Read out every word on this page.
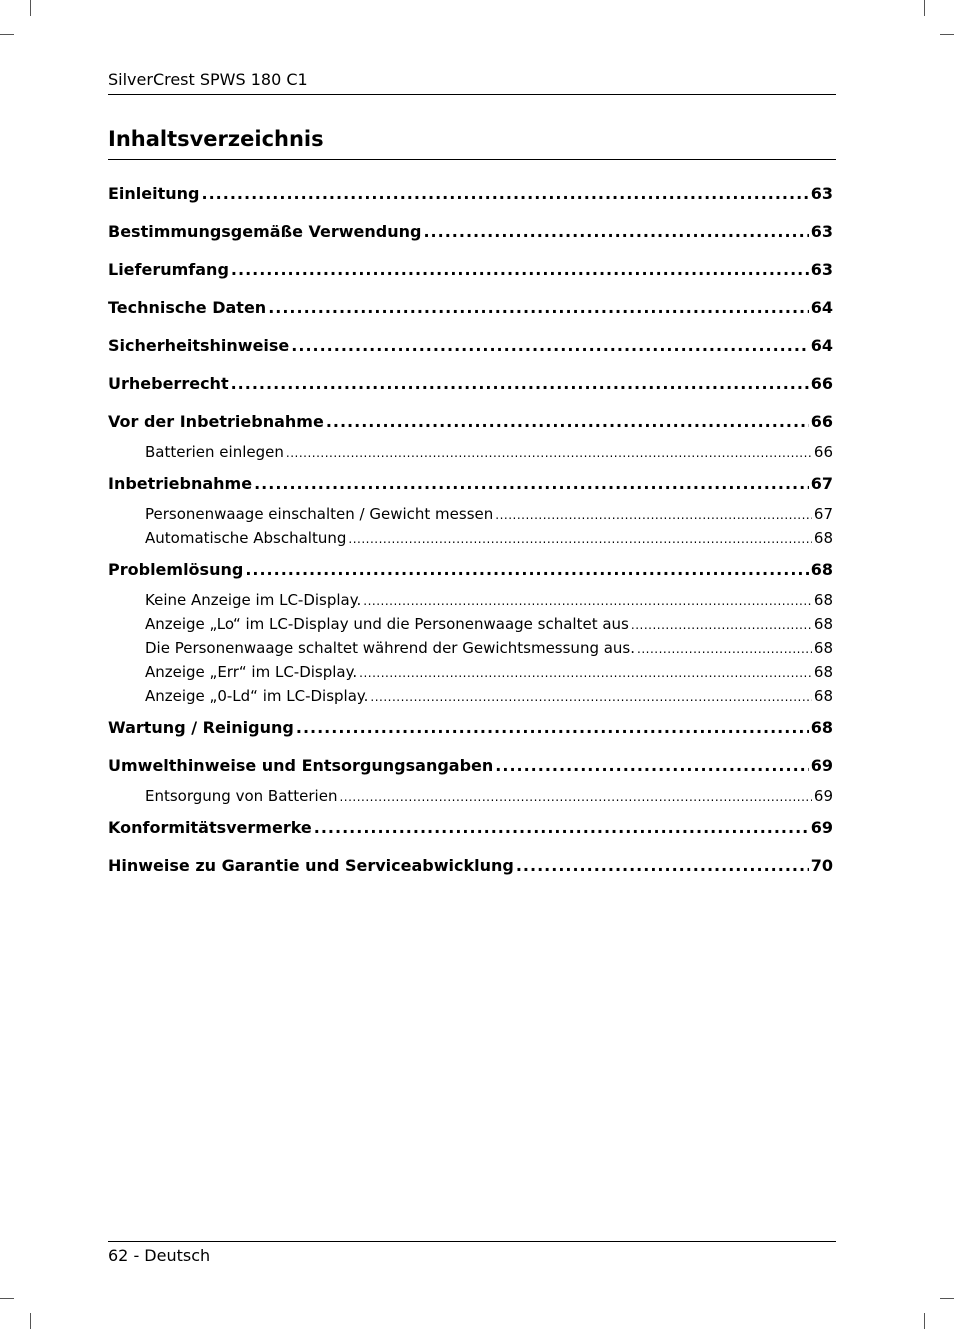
SilverCrest SPWS 180 C1
Inhaltsverzeichnis
Einleitung .....	63
Bestimmungsgemäße Verwendung .....	63
Lieferumfang .....	63
Technische Daten .....	64
Sicherheitshinweise .....	64
Urheberrecht .....	66
Vor der Inbetriebnahme .....	66
Batterien einlegen .....	66
Inbetriebnahme .....	67
Personenwaage einschalten / Gewicht messen .....	67
Automatische Abschaltung .....	68
Problemlösung .....	68
Keine Anzeige im LC-Display. .....	68
Anzeige „Lo“ im LC-Display und die Personenwaage schaltet aus .....	68
Die Personenwaage schaltet während der Gewichtsmessung aus. .....	68
Anzeige „Err“ im LC-Display. .....	68
Anzeige „0-Ld“ im LC-Display. .....	68
Wartung / Reinigung .....	68
Umwelthinweise und Entsorgungsangaben .....	69
Entsorgung von Batterien .....	69
Konformitätsvermerke .....	69
Hinweise zu Garantie und Serviceabwicklung .....	70
62 - Deutsch
